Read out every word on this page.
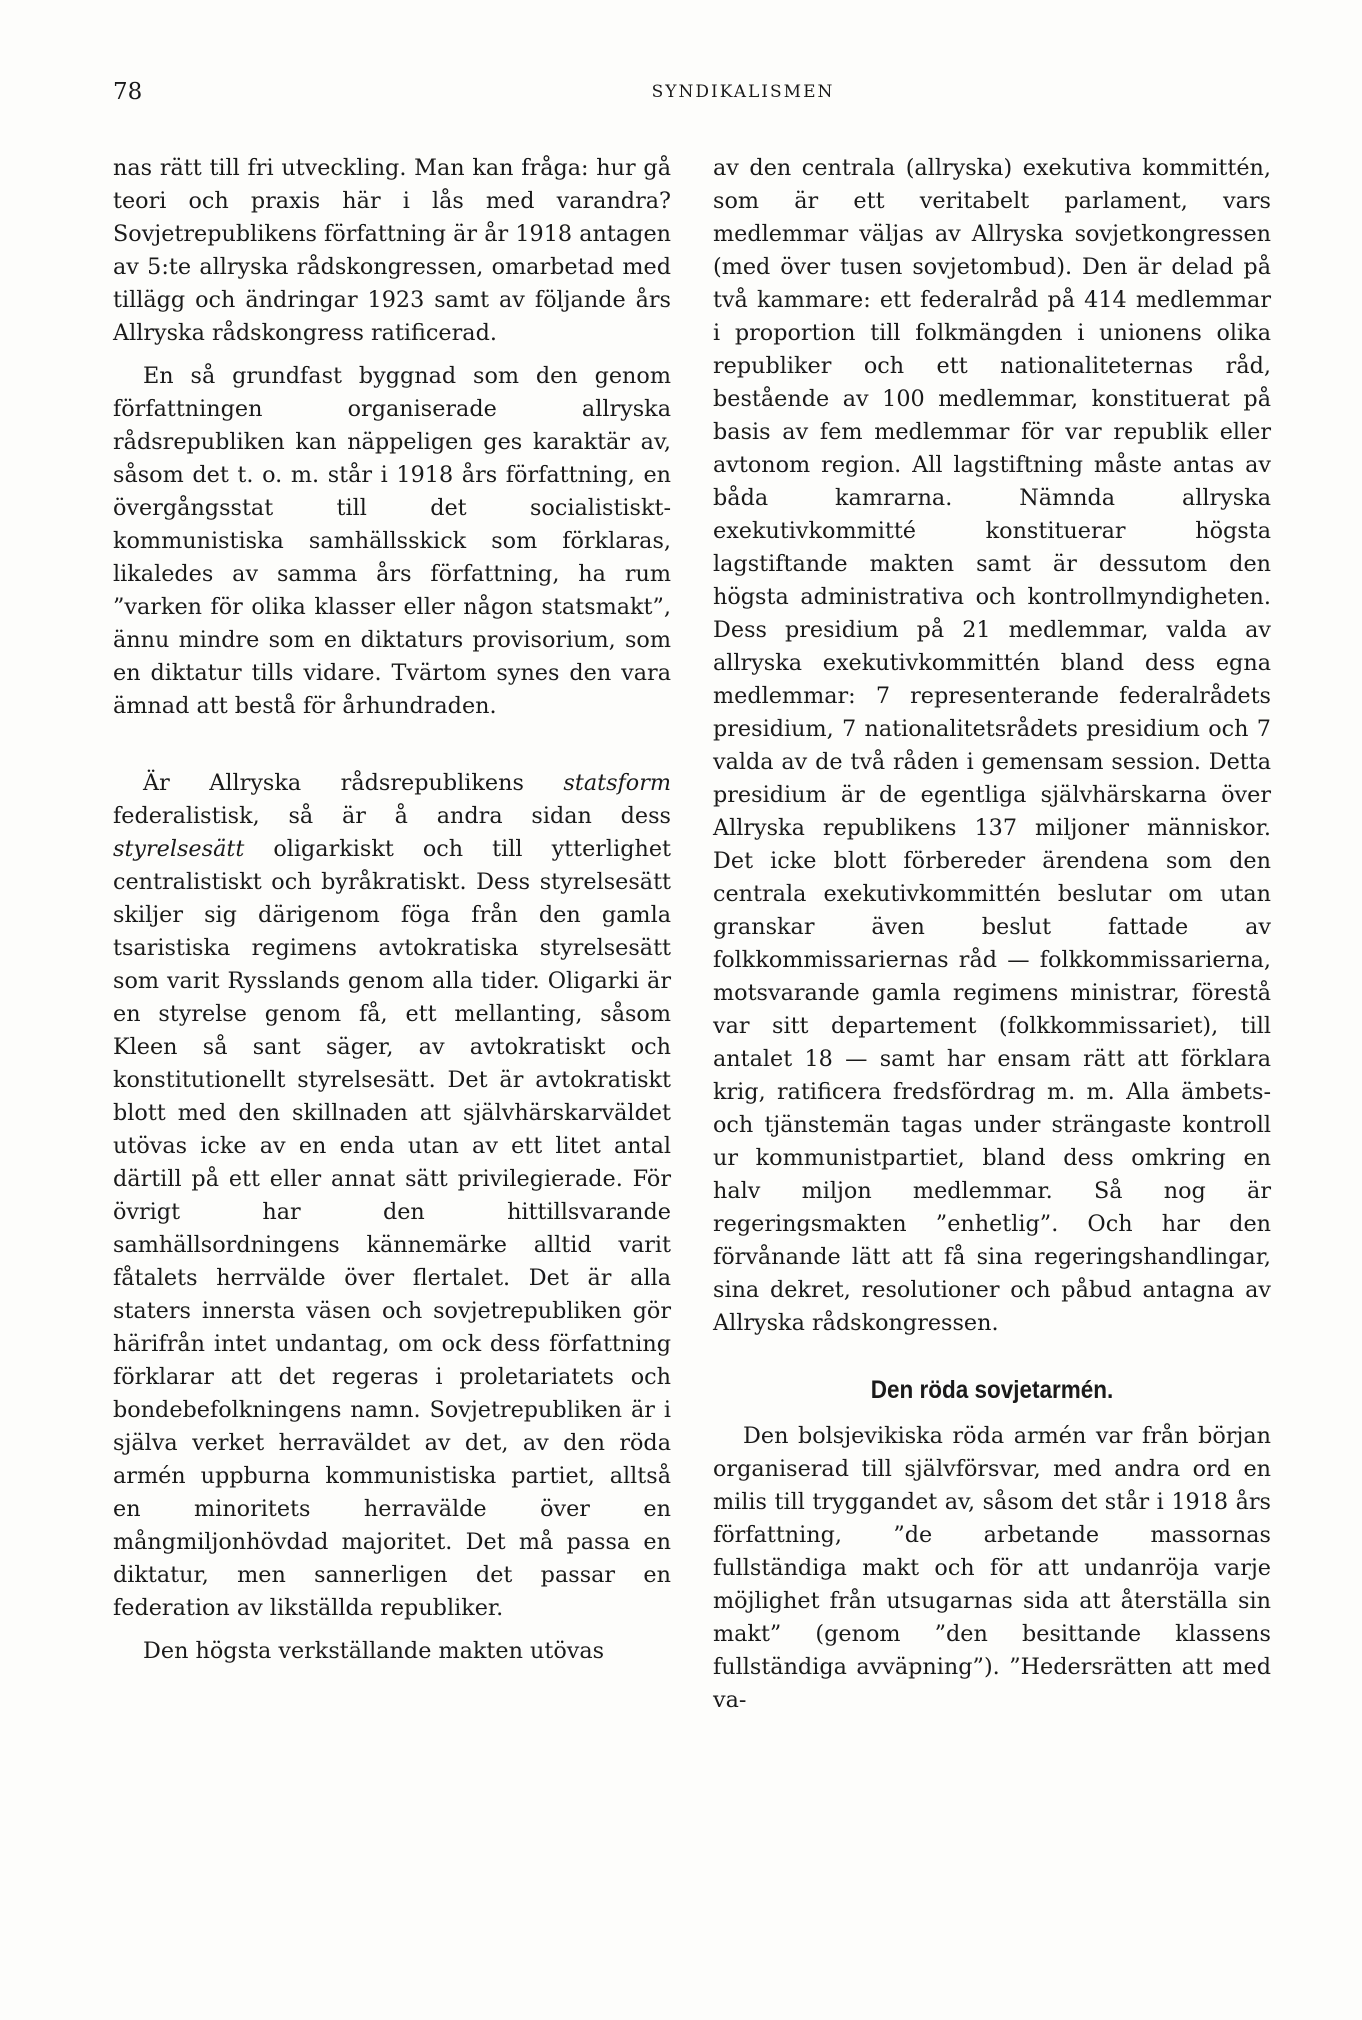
78	SYNDIKALISMEN

nas rätt till fri utveckling. Man kan fråga: hur gå teori och praxis här i lås med varandra? Sovjetrepublikens författning är år 1918 antagen av 5:te allryska rådskongressen, omarbetad med tillägg och ändringar 1923 samt av följande års Allryska rådskongress ratificerad.

En så grundfast byggnad som den genom författningen organiserade allryska rådsrepubliken kan näppeligen ges karaktär av, såsom det t. o. m. står i 1918 års författning, en övergångsstat till det socialistiskt-kommunistiska samhällsskick som förklaras, likaledes av samma års författning, ha rum ”varken för olika klasser eller någon statsmakt”, ännu mindre som en diktaturs provisorium, som en diktatur tills vidare. Tvärtom synes den vara ämnad att bestå för århundraden.

Är Allryska rådsrepublikens statsform federalistisk, så är å andra sidan dess styrelsesätt oligarkiskt och till ytterlighet centralistiskt och byråkratiskt. Dess styrelsesätt skiljer sig därigenom föga från den gamla tsaristiska regimens avtokratiska styrelsesätt som varit Rysslands genom alla tider. Oligarki är en styrelse genom få, ett mellanting, såsom Kleen så sant säger, av avtokratiskt och konstitutionellt styrelsesätt. Det är avtokratiskt blott med den skillnaden att självhärskarväldet utövas icke av en enda utan av ett litet antal därtill på ett eller annat sätt privilegierade. För övrigt har den hittillsvarande samhällsordningens kännemärke alltid varit fåtalets herrvälde över flertalet. Det är alla staters innersta väsen och sovjetrepubliken gör härifrån intet undantag, om ock dess författning förklarar att det regeras i proletariatets och bondebefolkningens namn. Sovjetrepubliken är i själva verket herraväldet av det, av den röda armén uppburna kommunistiska partiet, alltså en minoritets herravälde över en mångmiljonhövdad majoritet. Det må passa en diktatur, men sannerligen det passar en federation av likställda republiker.

Den högsta verkställande makten utövas

av den centrala (allryska) exekutiva kommittén, som är ett veritabelt parlament, vars medlemmar väljas av Allryska sovjetkongressen (med över tusen sovjetombud). Den är delad på två kammare: ett federalråd på 414 medlemmar i proportion till folkmängden i unionens olika republiker och ett nationaliteternas råd, bestående av 100 medlemmar, konstituerat på basis av fem medlemmar för var republik eller avtonom region. All lagstiftning måste antas av båda kamrarna. Nämnda allryska exekutivkommitté konstituerar högsta lagstiftande makten samt är dessutom den högsta administrativa och kontrollmyndigheten. Dess presidium på 21 medlemmar, valda av allryska exekutivkommittén bland dess egna medlemmar: 7 representerande federalrådets presidium, 7 nationalitetsrådets presidium och 7 valda av de två råden i gemensam session. Detta presidium är de egentliga självhärskarna över Allryska republikens 137 miljoner människor. Det icke blott förbereder ärendena som den centrala exekutivkommittén beslutar om utan granskar även beslut fattade av folkkommissariernas råd — folkkommissarierna, motsvarande gamla regimens ministrar, förestå var sitt departement (folkkommissariet), till antalet 18 — samt har ensam rätt att förklara krig, ratificera fredsfördrag m. m. Alla ämbets- och tjänstemän tagas under strängaste kontroll ur kommunistpartiet, bland dess omkring en halv miljon medlemmar. Så nog är regeringsmakten ”enhetlig”. Och har den förvånande lätt att få sina regeringshandlingar, sina dekret, resolutioner och påbud antagna av Allryska rådskongressen.

Den röda sovjetarmén.

Den bolsjevikiska röda armén var från början organiserad till självförsvar, med andra ord en milis till tryggandet av, såsom det står i 1918 års författning, ”de arbetande massornas fullständiga makt och för att undanröja varje möjlighet från utsugarnas sida att återställa sin makt” (genom ”den besittande klassens fullständiga avväpning”). ”Hedersrätten att med va-
